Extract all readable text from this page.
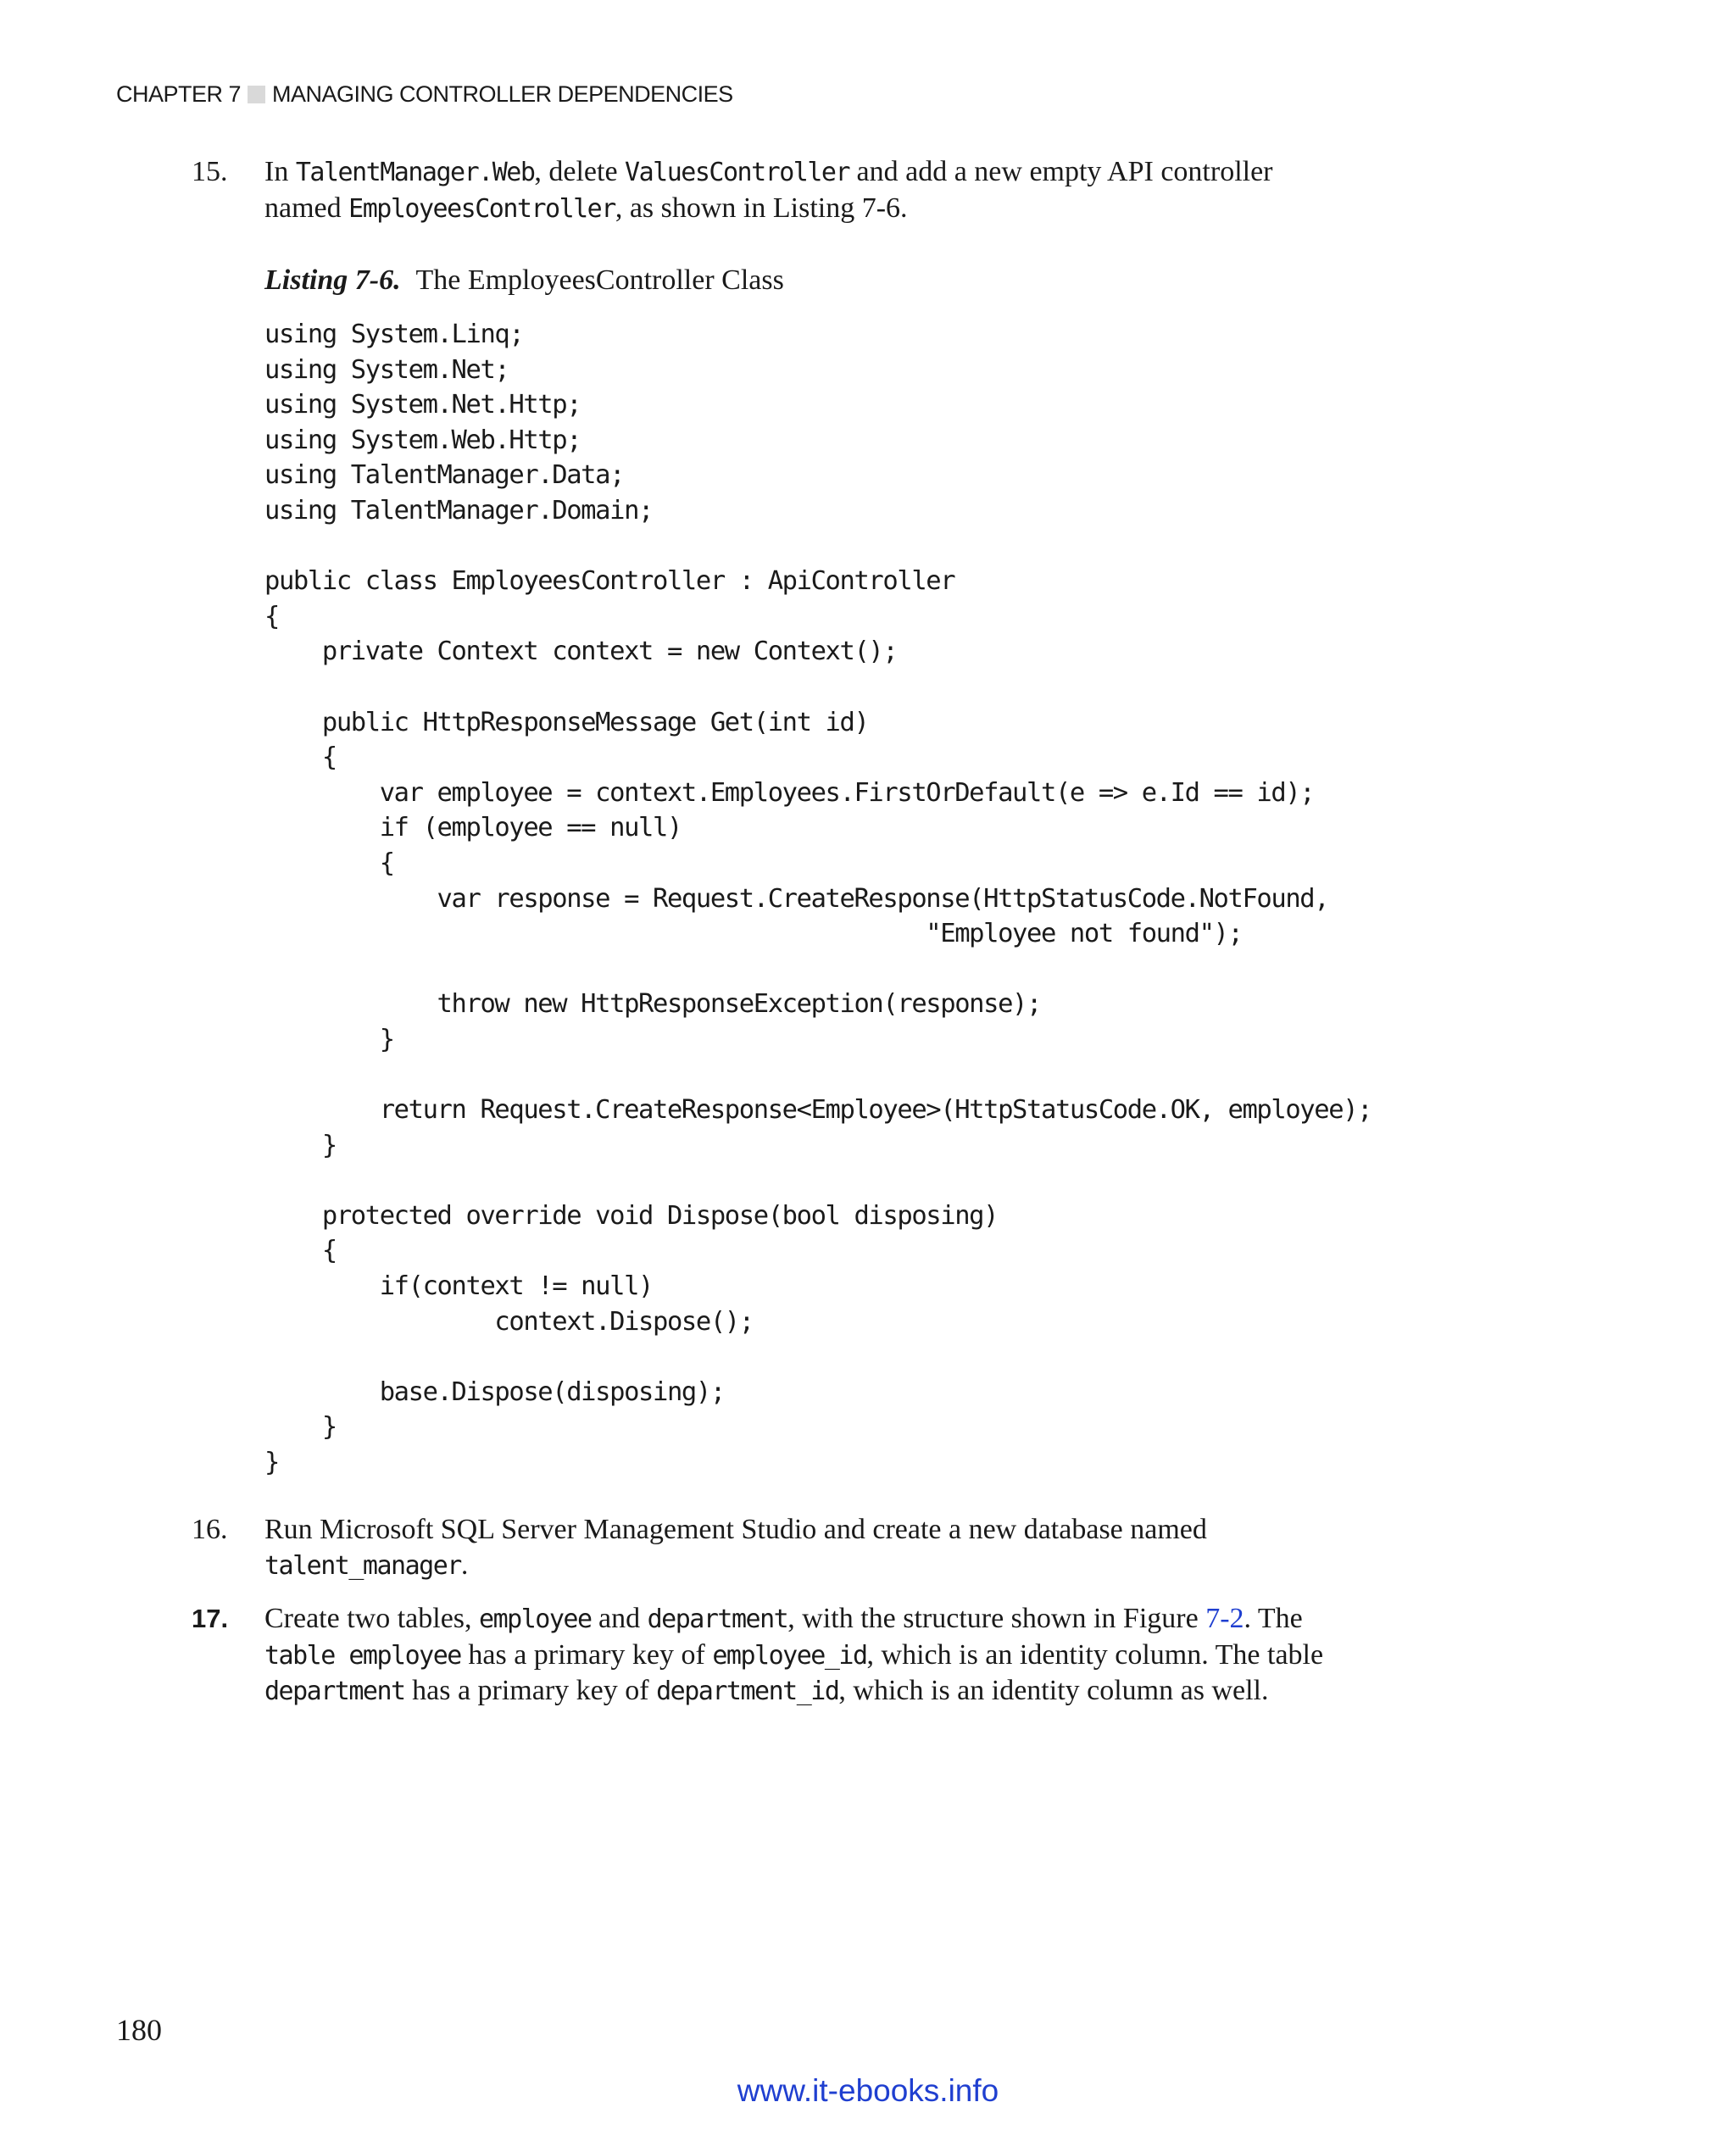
CHAPTER 7 MANAGING CONTROLLER DEPENDENCIES
15. In TalentManager.Web, delete ValuesController and add a new empty API controller
named EmployeesController, as shown in Listing 7-6.
Listing 7-6. The EmployeesController Class
using System.Linq;
using System.Net;
using System.Net.Http;
using System.Web.Http;
using TalentManager.Data;
using TalentManager.Domain;

public class EmployeesController : ApiController
{
private Context context = new Context();

public HttpResponseMessage Get(int id)
{
var employee = context.Employees.FirstOrDefault(e => e.Id == id);
if (employee == null)
{
var response = Request.CreateResponse(HttpStatusCode.NotFound,
"Employee not found");

throw new HttpResponseException(response);
}

return Request.CreateResponse<Employee>(HttpStatusCode.OK, employee);
}

protected override void Dispose(bool disposing)
{
if(context != null)
context.Dispose();

base.Dispose(disposing);
}
}
16. Run Microsoft SQL Server Management Studio and create a new database named
talent_manager.
17. Create two tables, employee and department, with the structure shown in Figure 7-2. The
table employee has a primary key of employee_id, which is an identity column. The table
department has a primary key of department_id, which is an identity column as well.
180
www.it-ebooks.info
